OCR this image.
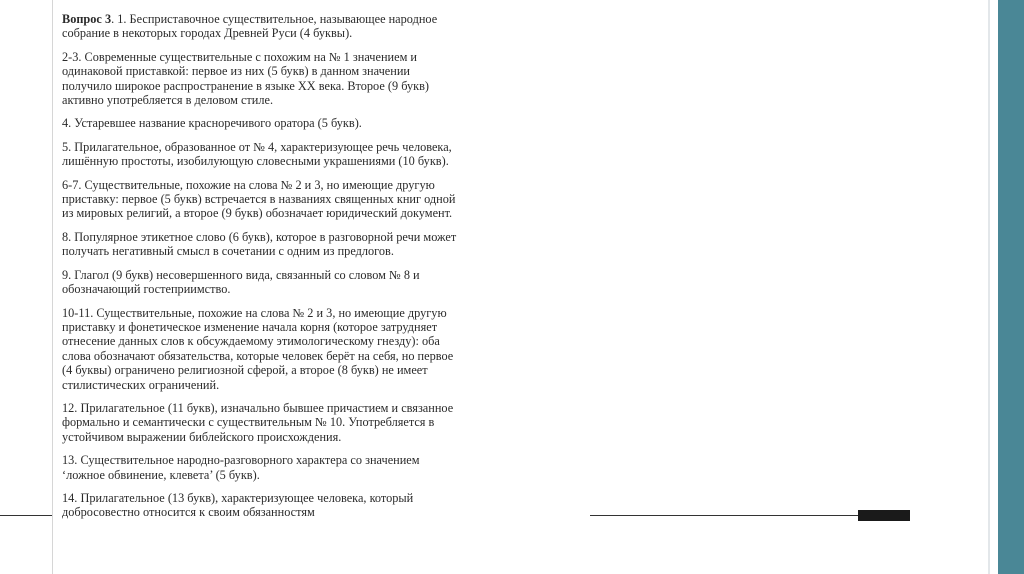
Вопрос 3. 1. Бесприставочное существительное, называющее народное
собрание в некоторых городах Древней Руси (4 буквы).

2-3. Современные существительные с похожим на № 1 значением и
одинаковой приставкой: первое из них (5 букв) в данном значении
получило широкое распространение в языке XX века. Второе (9 букв)
активно употребляется в деловом стиле.

4. Устаревшее название красноречивого оратора (5 букв).

5. Прилагательное, образованное от № 4, характеризующее речь человека,
лишённую простоты, изобилующую словесными украшениями (10 букв).

6-7. Существительные, похожие на слова № 2 и 3, но имеющие другую
приставку: первое (5 букв) встречается в названиях священных книг одной
из мировых религий, а второе (9 букв) обозначает юридический документ.

8. Популярное этикетное слово (6 букв), которое в разговорной речи может
получать негативный смысл в сочетании с одним из предлогов.

9. Глагол (9 букв) несовершенного вида, связанный со словом № 8 и
обозначающий гостеприимство.

10-11. Существительные, похожие на слова № 2 и 3, но имеющие другую
приставку и фонетическое изменение начала корня (которое затрудняет
отнесение данных слов к обсуждаемому этимологическому гнезду): оба
слова обозначают обязательства, которые человек берёт на себя, но первое
(4 буквы) ограничено религиозной сферой, а второе (8 букв) не имеет
стилистических ограничений.

12. Прилагательное (11 букв), изначально бывшее причастием и связанное
формально и семантически с существительным № 10. Употребляется в
устойчивом выражении библейского происхождения.

13. Существительное народно-разговорного характера со значением
‘ложное обвинение, клевета’ (5 букв).

14. Прилагательное (13 букв), характеризующее человека, который
добросовестно относится к своим обязанностям
